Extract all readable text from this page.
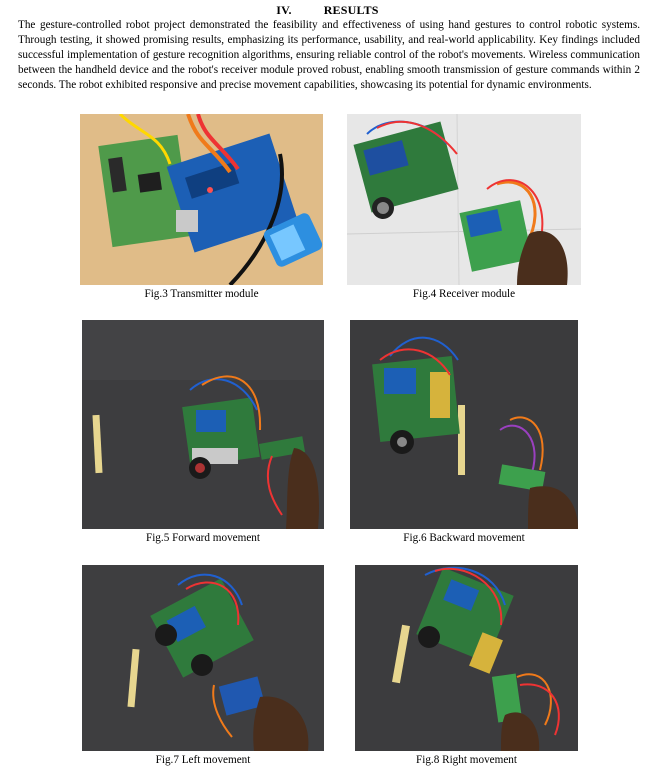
IV.	RESULTS

The gesture-controlled robot project demonstrated the feasibility and effectiveness of using hand gestures to control robotic systems. Through testing, it showed promising results, emphasizing its performance, usability, and real-world applicability. Key findings included successful implementation of gesture recognition algorithms, ensuring reliable control of the robot's movements. Wireless communication between the handheld device and the robot's receiver module proved robust, enabling smooth transmission of gesture commands within 2 seconds. The robot exhibited responsive and precise movement capabilities, showcasing its potential for dynamic environments.

Fig.3 Transmitter module	Fig.4 Receiver module
Fig.5 Forward movement	Fig.6 Backward movement
Fig.7 Left movement	Fig.8 Right movement
